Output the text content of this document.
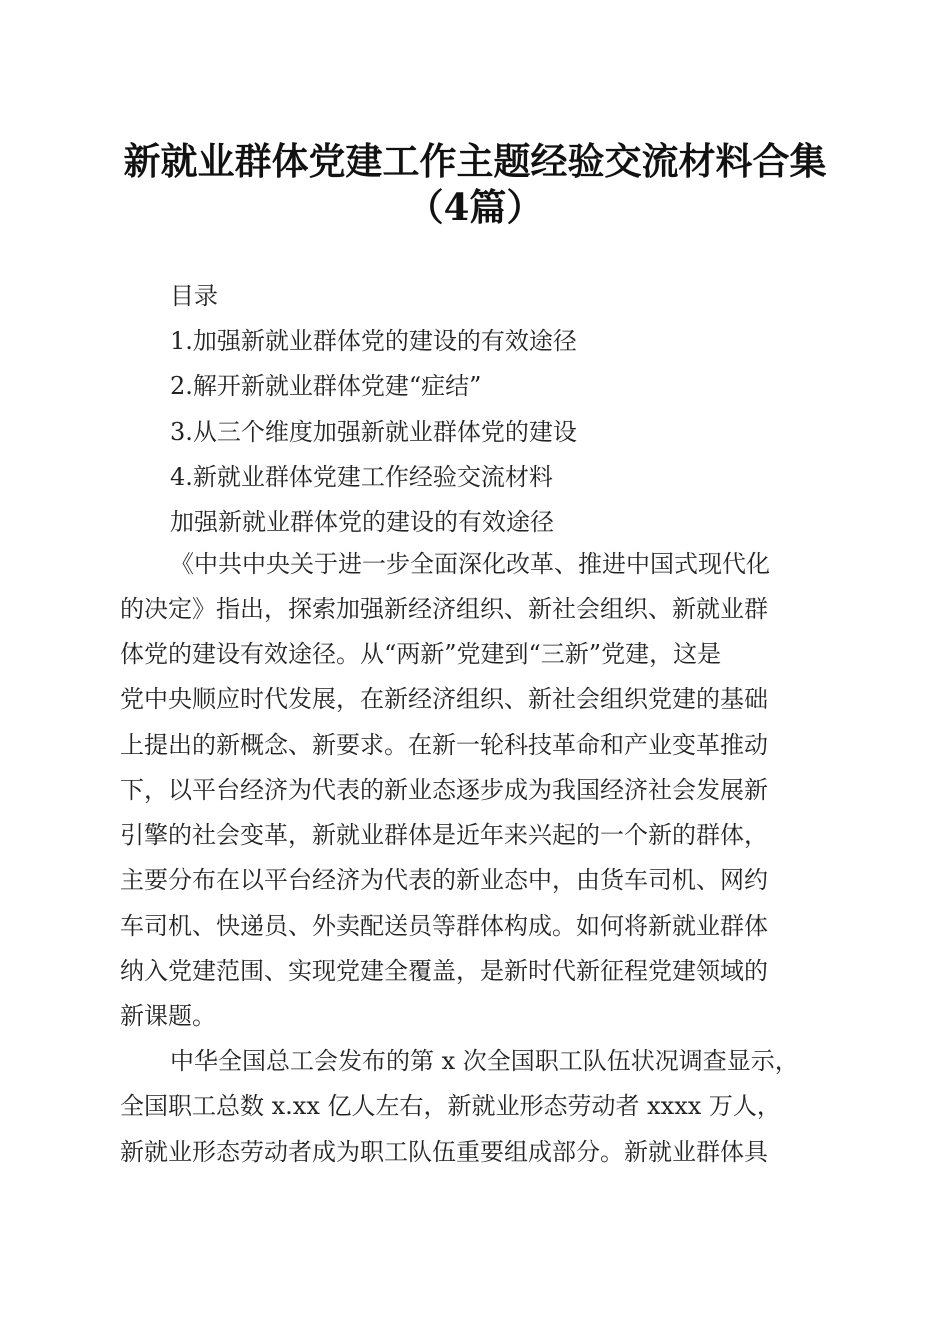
新就业群体党建工作主题经验交流材料合集
（4篇）
目录
1.加强新就业群体党的建设的有效途径
2.解开新就业群体党建“症结”
3.从三个维度加强新就业群体党的建设
4.新就业群体党建工作经验交流材料
加强新就业群体党的建设的有效途径
《中共中央关于进一步全面深化改革、推进中国式现代化
的决定》指出，探索加强新经济组织、新社会组织、新就业群
体党的建设有效途径。从“两新”党建到“三新”党建，这是
党中央顺应时代发展，在新经济组织、新社会组织党建的基础
上提出的新概念、新要求。在新一轮科技革命和产业变革推动
下，以平台经济为代表的新业态逐步成为我国经济社会发展新
引擎的社会变革，新就业群体是近年来兴起的一个新的群体，
主要分布在以平台经济为代表的新业态中，由货车司机、网约
车司机、快递员、外卖配送员等群体构成。如何将新就业群体
纳入党建范围、实现党建全覆盖，是新时代新征程党建领域的
新课题。
中华全国总工会发布的第 x 次全国职工队伍状况调查显示，
全国职工总数 x.xx 亿人左右，新就业形态劳动者 xxxx 万人，
新就业形态劳动者成为职工队伍重要组成部分。新就业群体具
